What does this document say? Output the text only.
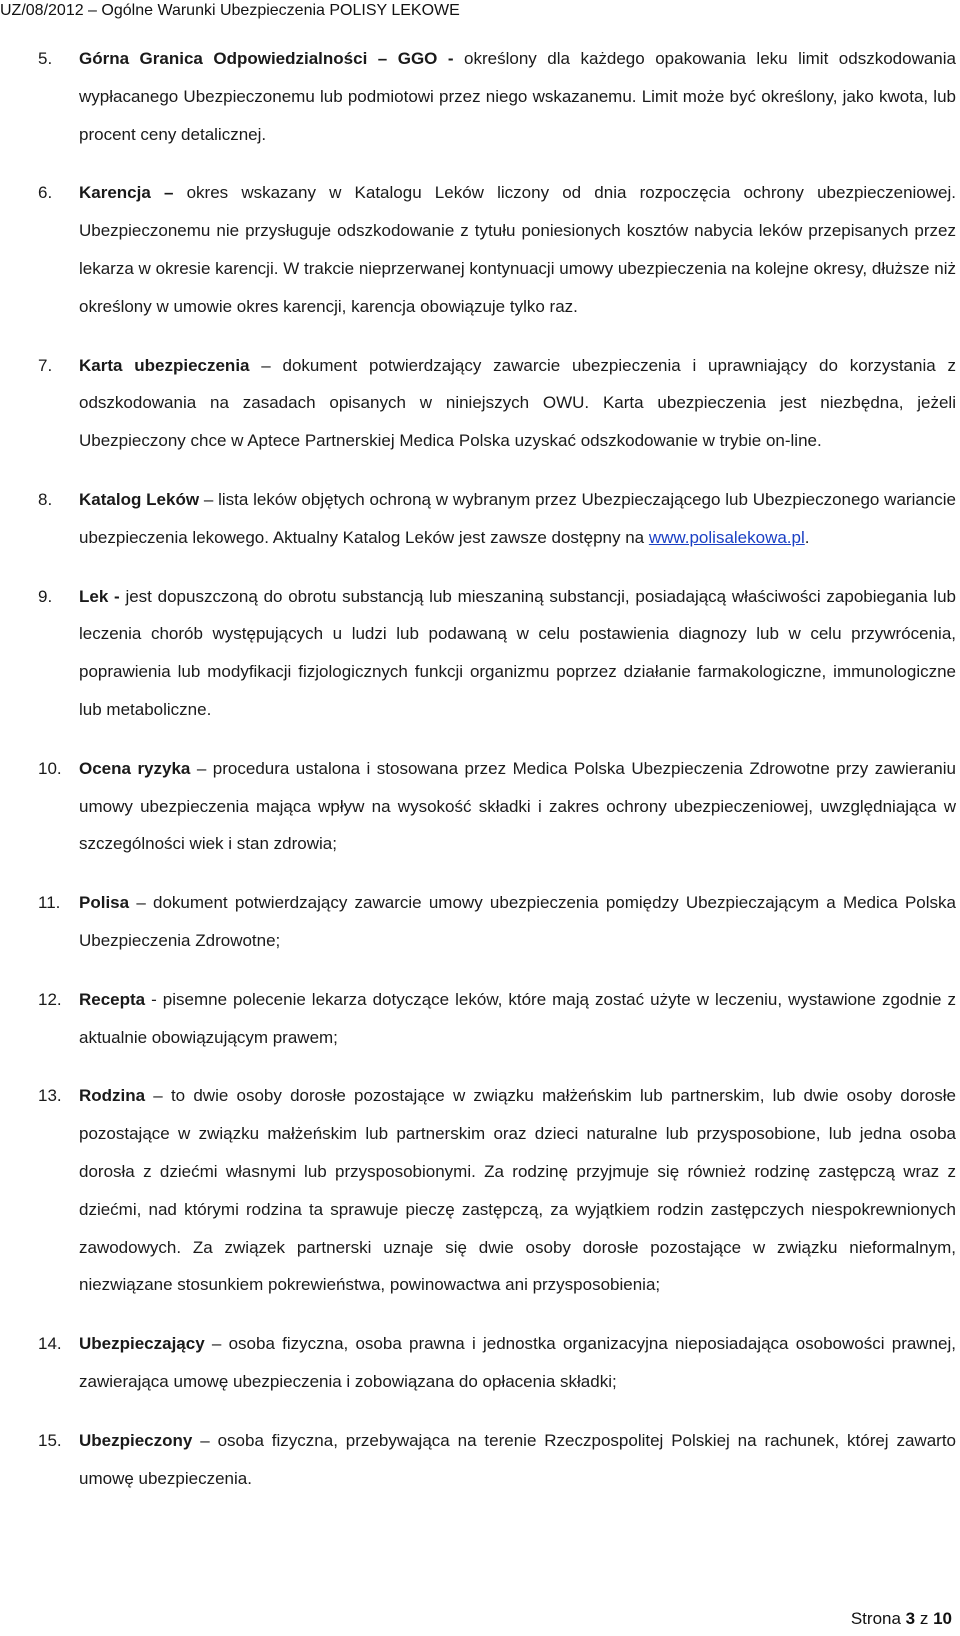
UZ/08/2012 – Ogólne Warunki Ubezpieczenia POLISY LEKOWE
5.	Górna Granica Odpowiedzialności – GGO - określony dla każdego opakowania leku limit odszkodowania wypłacanego Ubezpieczonemu lub podmiotowi przez niego wskazanemu. Limit może być określony, jako kwota, lub procent ceny detalicznej.
6.	Karencja – okres wskazany w Katalogu Leków liczony od dnia rozpoczęcia ochrony ubezpieczeniowej. Ubezpieczonemu nie przysługuje odszkodowanie z tytułu poniesionych kosztów nabycia leków przepisanych przez lekarza w okresie karencji. W trakcie nieprzerwanej kontynuacji umowy ubezpieczenia na kolejne okresy, dłuższe niż określony w umowie okres karencji, karencja obowiązuje tylko raz.
7.	Karta ubezpieczenia – dokument potwierdzający zawarcie ubezpieczenia i uprawniający do korzystania z odszkodowania na zasadach opisanych w niniejszych OWU. Karta ubezpieczenia jest niezbędna, jeżeli Ubezpieczony chce w Aptece Partnerskiej Medica Polska uzyskać odszkodowanie w trybie on-line.
8.	Katalog Leków – lista leków objętych ochroną w wybranym przez Ubezpieczającego lub Ubezpieczonego wariancie ubezpieczenia lekowego. Aktualny Katalog Leków jest zawsze dostępny na www.polisalekowa.pl.
9.	Lek - jest dopuszczoną do obrotu substancją lub mieszaniną substancji, posiadającą właściwości zapobiegania lub leczenia chorób występujących u ludzi lub podawaną w celu postawienia diagnozy lub w celu przywrócenia, poprawienia lub modyfikacji fizjologicznych funkcji organizmu poprzez działanie farmakologiczne, immunologiczne lub metaboliczne.
10.	Ocena ryzyka – procedura ustalona i stosowana przez Medica Polska Ubezpieczenia Zdrowotne przy zawieraniu umowy ubezpieczenia mająca wpływ na wysokość składki i zakres ochrony ubezpieczeniowej, uwzględniająca w szczególności wiek i stan zdrowia;
11.	Polisa – dokument potwierdzający zawarcie umowy ubezpieczenia pomiędzy Ubezpieczającym a Medica Polska Ubezpieczenia Zdrowotne;
12.	Recepta - pisemne polecenie lekarza dotyczące leków, które mają zostać użyte w leczeniu, wystawione zgodnie z aktualnie obowiązującym prawem;
13.	Rodzina – to dwie osoby dorosłe pozostające w związku małżeńskim lub partnerskim, lub dwie osoby dorosłe pozostające w związku małżeńskim lub partnerskim oraz dzieci naturalne lub przysposobione, lub jedna osoba dorosła z dziećmi własnymi lub przysposobionymi. Za rodzinę przyjmuje się również rodzinę zastępczą wraz z dziećmi, nad którymi rodzina ta sprawuje pieczę zastępczą, za wyjątkiem rodzin zastępczych niespokrewnionych zawodowych. Za związek partnerski uznaje się dwie osoby dorosłe pozostające w związku nieformalnym, niezwiązane stosunkiem pokrewieństwa, powinowactwa ani przysposobienia;
14.	Ubezpieczający – osoba fizyczna, osoba prawna i jednostka organizacyjna nieposiadająca osobowości prawnej, zawierająca umowę ubezpieczenia i zobowiązana do opłacenia składki;
15.	Ubezpieczony – osoba fizyczna, przebywająca na terenie Rzeczpospolitej Polskiej na rachunek, której zawarto umowę ubezpieczenia.
Strona 3 z 10
